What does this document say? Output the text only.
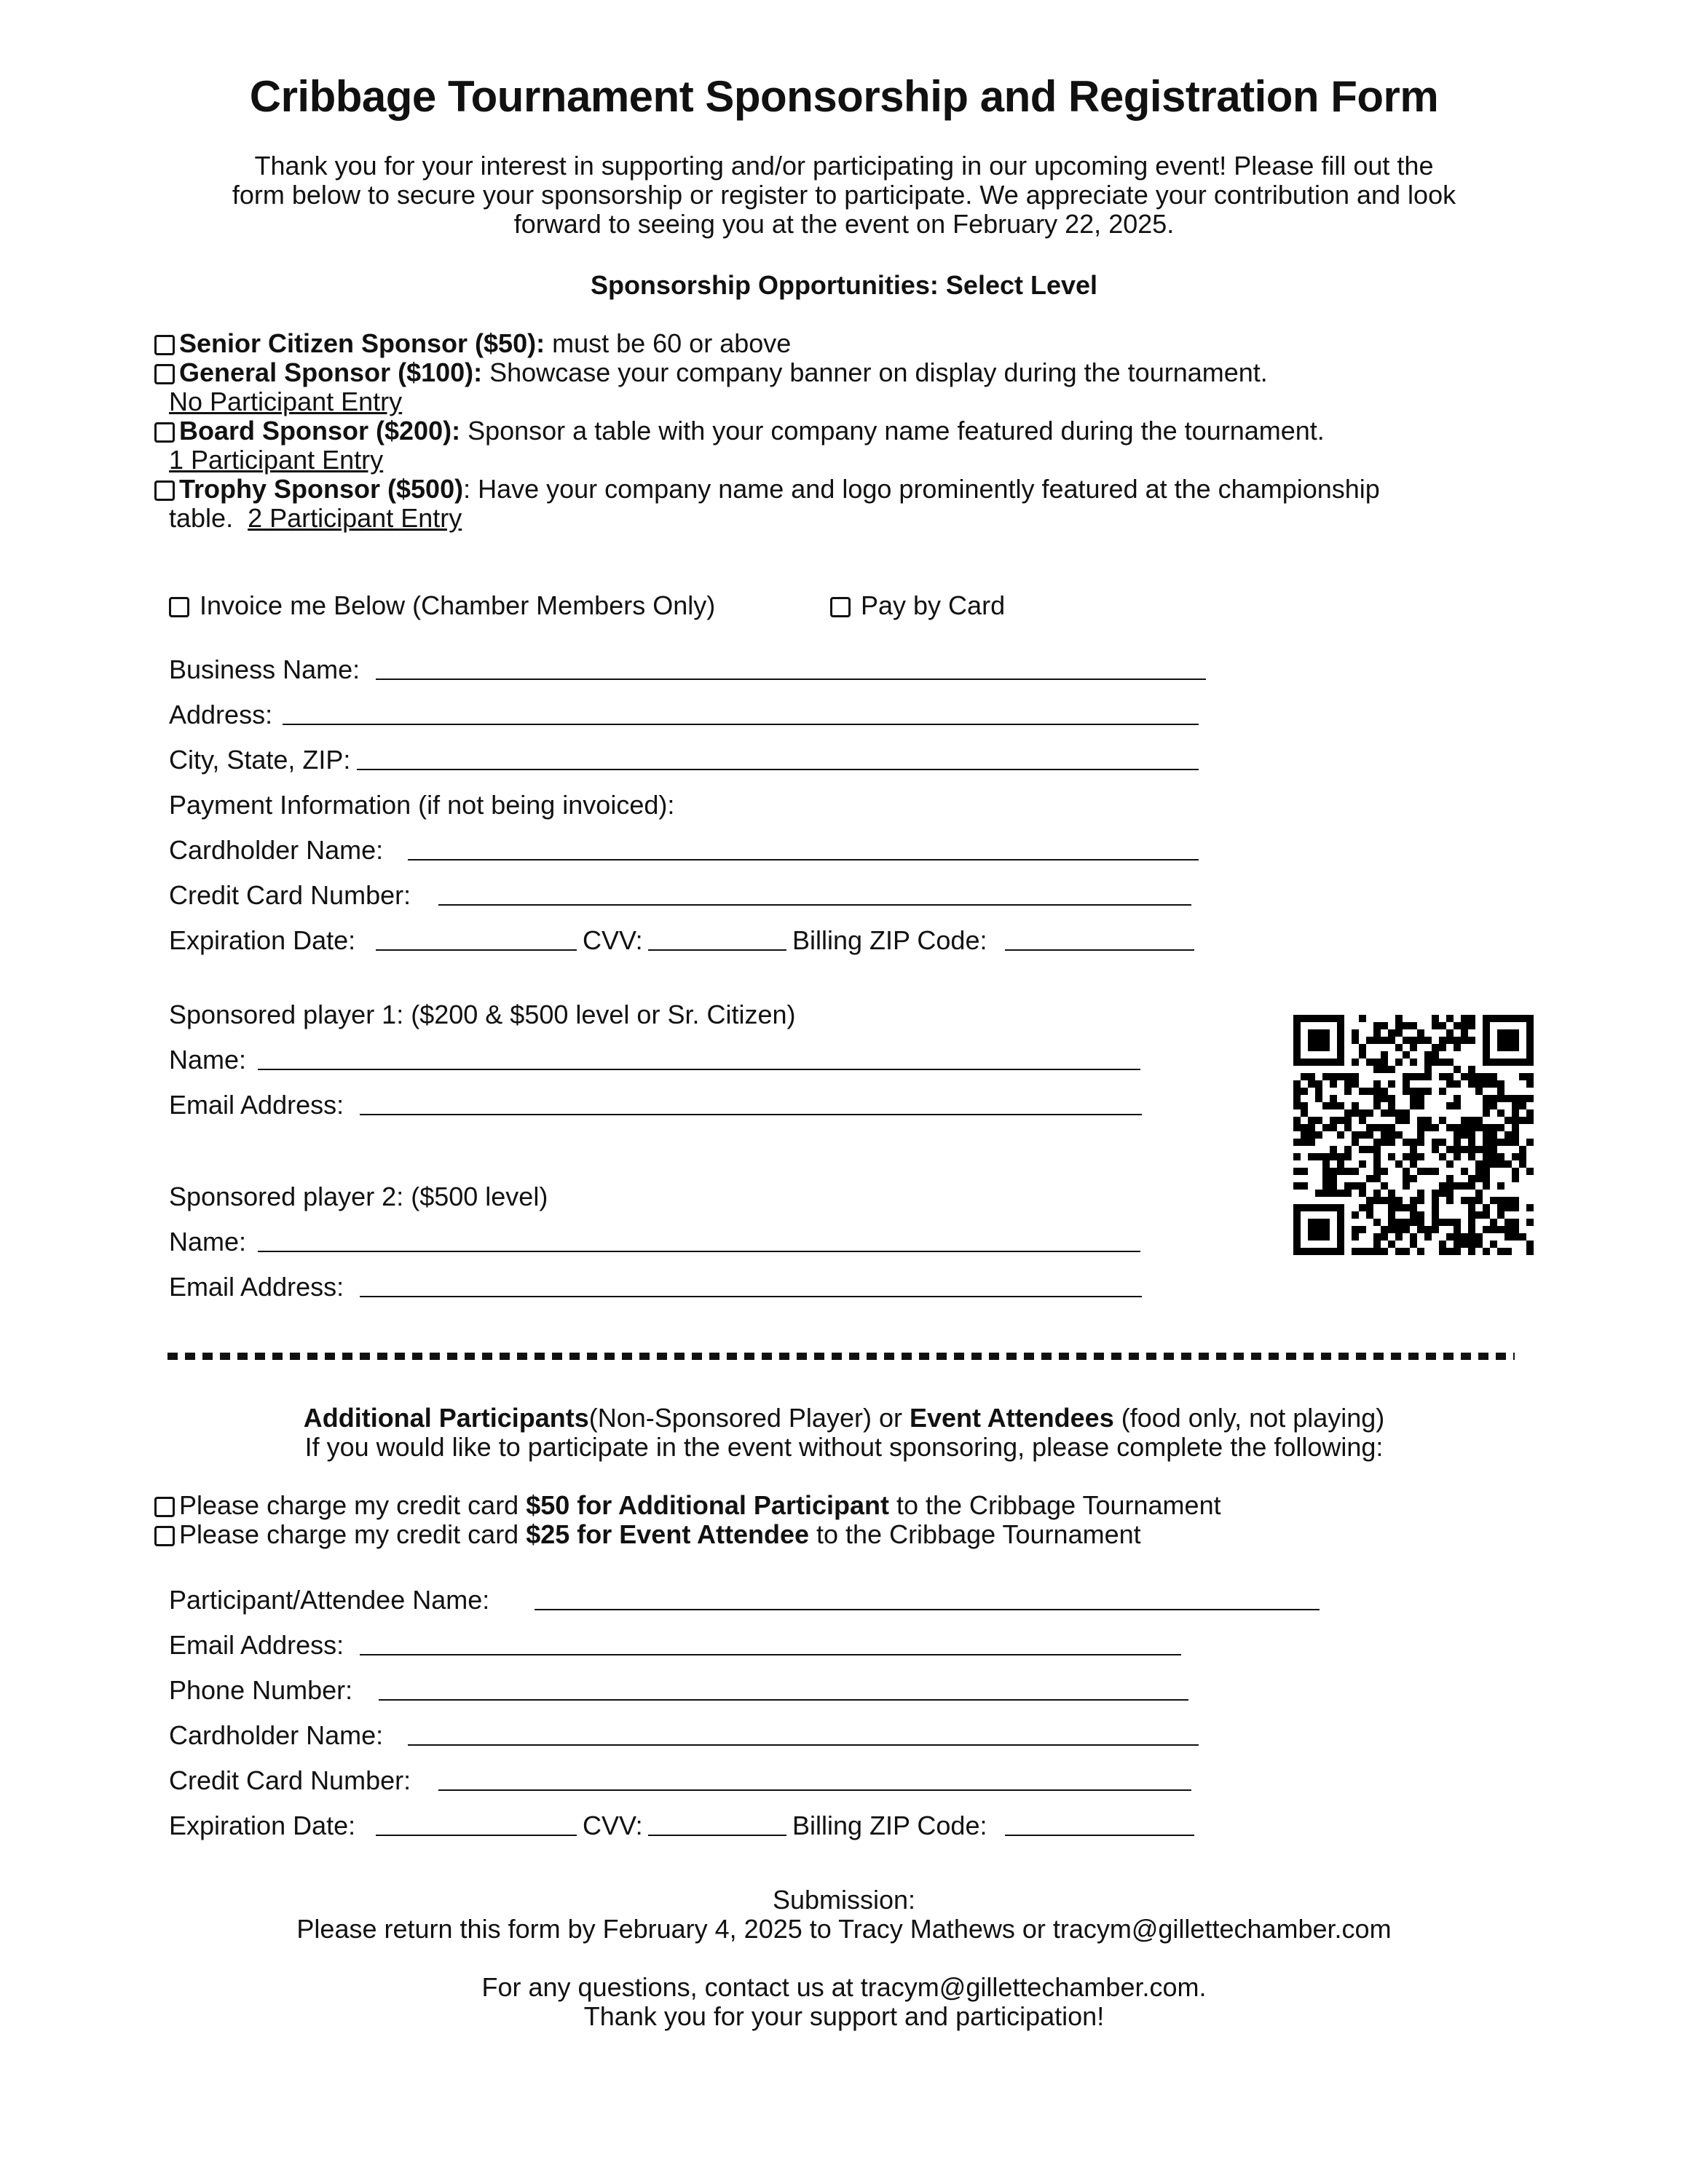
Cribbage Tournament Sponsorship and Registration Form
Thank you for your interest in supporting and/or participating in our upcoming event! Please fill out the
form below to secure your sponsorship or register to participate. We appreciate your contribution and look
forward to seeing you at the event on February 22, 2025.
Sponsorship Opportunities: Select Level
Senior Citizen Sponsor ($50): must be 60 or above
General Sponsor ($100): Showcase your company banner on display during the tournament.
No Participant Entry
Board Sponsor ($200): Sponsor a table with your company name featured during the tournament.
1 Participant Entry
Trophy Sponsor ($500): Have your company name and logo prominently featured at the championship
table. 2 Participant Entry
Invoice me Below (Chamber Members Only)	Pay by Card
Business Name:
Address:
City, State, ZIP:
Payment Information (if not being invoiced):
Cardholder Name:
Credit Card Number:
Expiration Date:	CVV:	Billing ZIP Code:
Sponsored player 1: ($200 & $500 level or Sr. Citizen)
Name:
Email Address:
Sponsored player 2: ($500 level)
Name:
Email Address:
Additional Participants(Non-Sponsored Player) or Event Attendees (food only, not playing)
If you would like to participate in the event without sponsoring, please complete the following:
Please charge my credit card $50 for Additional Participant to the Cribbage Tournament
Please charge my credit card $25 for Event Attendee to the Cribbage Tournament
Participant/Attendee Name:
Email Address:
Phone Number:
Cardholder Name:
Credit Card Number:
Expiration Date:	CVV:	Billing ZIP Code:
Submission:
Please return this form by February 4, 2025 to Tracy Mathews or tracym@gillettechamber.com
For any questions, contact us at tracym@gillettechamber.com.
Thank you for your support and participation!
